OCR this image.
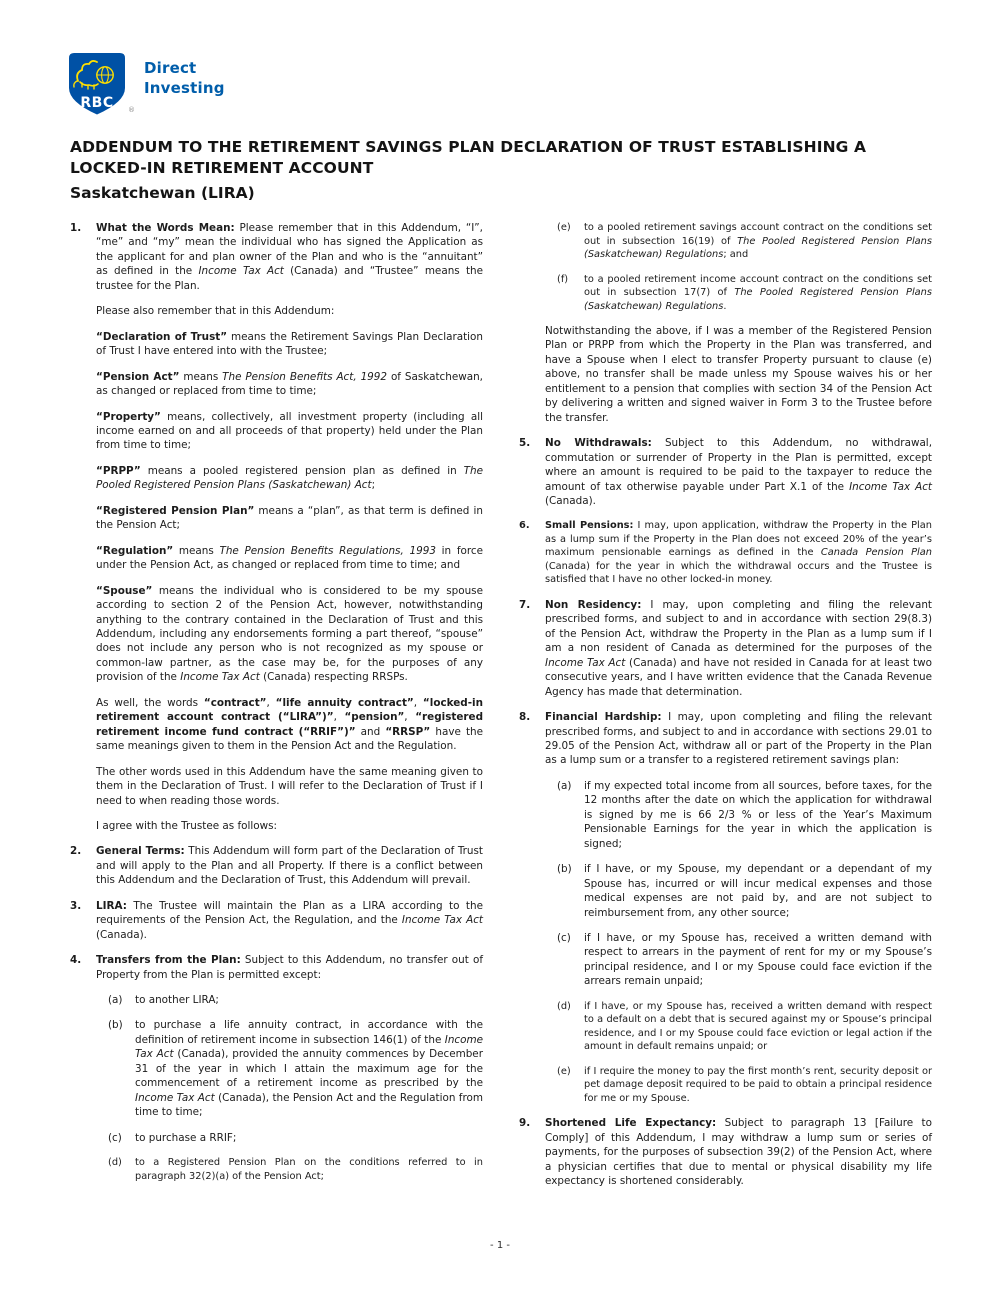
RBC ®
Direct
Investing
ADDENDUM TO THE RETIREMENT SAVINGS PLAN DECLARATION OF TRUST ESTABLISHING A LOCKED-IN RETIREMENT ACCOUNT
Saskatchewan (LIRA)
1.	What the Words Mean: Please remember that in this Addendum, “I”, “me” and “my” mean the individual who has signed the Application as the applicant for and plan owner of the Plan and who is the “annuitant” as defined in the Income Tax Act (Canada) and “Trustee” means the trustee for the Plan.
Please also remember that in this Addendum:
“Declaration of Trust” means the Retirement Savings Plan Declaration of Trust I have entered into with the Trustee;
“Pension Act” means The Pension Benefits Act, 1992 of Saskatchewan, as changed or replaced from time to time;
“Property” means, collectively, all investment property (including all income earned on and all proceeds of that property) held under the Plan from time to time;
“PRPP” means a pooled registered pension plan as defined in The Pooled Registered Pension Plans (Saskatchewan) Act;
“Registered Pension Plan” means a “plan”, as that term is defined in the Pension Act;
“Regulation” means The Pension Benefits Regulations, 1993 in force under the Pension Act, as changed or replaced from time to time; and
“Spouse” means the individual who is considered to be my spouse according to section 2 of the Pension Act, however, notwithstanding anything to the contrary contained in the Declaration of Trust and this Addendum, including any endorsements forming a part thereof, “spouse” does not include any person who is not recognized as my spouse or common-law partner, as the case may be, for the purposes of any provision of the Income Tax Act (Canada) respecting RRSPs.
As well, the words “contract”, “life annuity contract”, “locked-in retirement account contract (“LIRA”)”, “pension”, “registered retirement income fund contract (“RRIF”)” and “RRSP” have the same meanings given to them in the Pension Act and the Regulation.
The other words used in this Addendum have the same meaning given to them in the Declaration of Trust. I will refer to the Declaration of Trust if I need to when reading those words.
I agree with the Trustee as follows:
2.	General Terms: This Addendum will form part of the Declaration of Trust and will apply to the Plan and all Property. If there is a conflict between this Addendum and the Declaration of Trust, this Addendum will prevail.
3.	LIRA: The Trustee will maintain the Plan as a LIRA according to the requirements of the Pension Act, the Regulation, and the Income Tax Act (Canada).
4.	Transfers from the Plan: Subject to this Addendum, no transfer out of Property from the Plan is permitted except:
(a)	to another LIRA;
(b)	to purchase a life annuity contract, in accordance with the definition of retirement income in subsection 146(1) of the Income Tax Act (Canada), provided the annuity commences by December 31 of the year in which I attain the maximum age for the commencement of a retirement income as prescribed by the Income Tax Act (Canada), the Pension Act and the Regulation from time to time;
(c)	to purchase a RRIF;
(d)	to a Registered Pension Plan on the conditions referred to in paragraph 32(2)(a) of the Pension Act;
(e)	to a pooled retirement savings account contract on the conditions set out in subsection 16(19) of The Pooled Registered Pension Plans (Saskatchewan) Regulations; and
(f)	to a pooled retirement income account contract on the conditions set out in subsection 17(7) of The Pooled Registered Pension Plans (Saskatchewan) Regulations.
Notwithstanding the above, if I was a member of the Registered Pension Plan or PRPP from which the Property in the Plan was transferred, and have a Spouse when I elect to transfer Property pursuant to clause (e) above, no transfer shall be made unless my Spouse waives his or her entitlement to a pension that complies with section 34 of the Pension Act by delivering a written and signed waiver in Form 3 to the Trustee before the transfer.
5.	No Withdrawals: Subject to this Addendum, no withdrawal, commutation or surrender of Property in the Plan is permitted, except where an amount is required to be paid to the taxpayer to reduce the amount of tax otherwise payable under Part X.1 of the Income Tax Act (Canada).
6.	Small Pensions: I may, upon application, withdraw the Property in the Plan as a lump sum if the Property in the Plan does not exceed 20% of the year’s maximum pensionable earnings as defined in the Canada Pension Plan (Canada) for the year in which the withdrawal occurs and the Trustee is satisfied that I have no other locked-in money.
7.	Non Residency: I may, upon completing and filing the relevant prescribed forms, and subject to and in accordance with section 29(8.3) of the Pension Act, withdraw the Property in the Plan as a lump sum if I am a non resident of Canada as determined for the purposes of the Income Tax Act (Canada) and have not resided in Canada for at least two consecutive years, and I have written evidence that the Canada Revenue Agency has made that determination.
8.	Financial Hardship: I may, upon completing and filing the relevant prescribed forms, and subject to and in accordance with sections 29.01 to 29.05 of the Pension Act, withdraw all or part of the Property in the Plan as a lump sum or a transfer to a registered retirement savings plan:
(a)	if my expected total income from all sources, before taxes, for the 12 months after the date on which the application for withdrawal is signed by me is 66 2/3 % or less of the Year’s Maximum Pensionable Earnings for the year in which the application is signed;
(b)	if I have, or my Spouse, my dependant or a dependant of my Spouse has, incurred or will incur medical expenses and those medical expenses are not paid by, and are not subject to reimbursement from, any other source;
(c)	if I have, or my Spouse has, received a written demand with respect to arrears in the payment of rent for my or my Spouse’s principal residence, and I or my Spouse could face eviction if the arrears remain unpaid;
(d)	if I have, or my Spouse has, received a written demand with respect to a default on a debt that is secured against my or Spouse’s principal residence, and I or my Spouse could face eviction or legal action if the amount in default remains unpaid; or
(e)	if I require the money to pay the first month’s rent, security deposit or pet damage deposit required to be paid to obtain a principal residence for me or my Spouse.
9.	Shortened Life Expectancy: Subject to paragraph 13 [Failure to Comply] of this Addendum, I may withdraw a lump sum or series of payments, for the purposes of subsection 39(2) of the Pension Act, where a physician certifies that due to mental or physical disability my life expectancy is shortened considerably.
- 1 -
